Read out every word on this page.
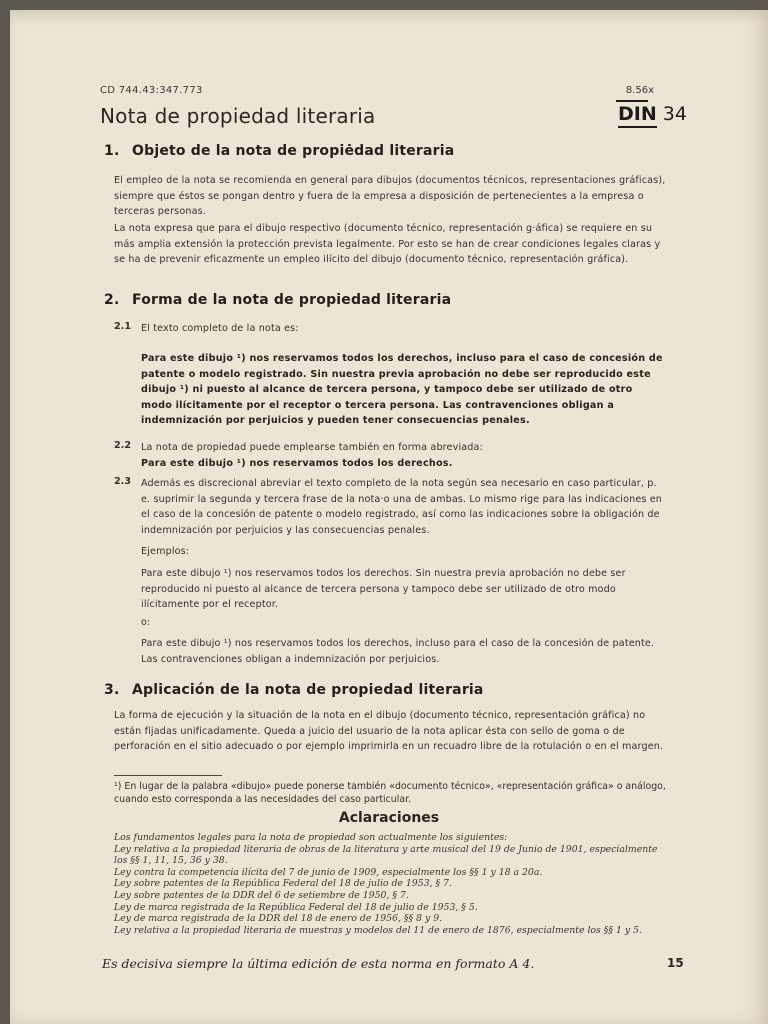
CD 744.43:347.773	8.56x

Nota de propiedad literaria	DIN 34
1. Objeto de la nota de propiėdad literaria

El empleo de la nota se recomienda en general para dibujos (documentos técnicos, representaciones gráficas), siempre que éstos se pongan dentro y fuera de la empresa a disposición de pertenecientes a la empresa o terceras personas.

La nota expresa que para el dibujo respectivo (documento técnico, representación g·áfica) se requiere en su más amplia extensión la protección prevista legalmente. Por esto se han de crear condiciones legales claras y se ha de prevenir eficazmente un empleo ilícito del dibujo (documento técnico, representación gráfica).

2. Forma de la nota de propiedad literaria

2.1 El texto completo de la nota es:

Para este dibujo ¹) nos reservamos todos los derechos, incluso para el caso de concesión de patente o modelo registrado. Sin nuestra previa aprobación no debe ser reproducido este dibujo ¹) ni puesto al alcance de tercera persona, y tampoco debe ser utilizado de otro modo ilícitamente por el receptor o tercera persona. Las contravenciones obligan a indemnización por perjuicios y pueden tener consecuencias penales.

2.2 La nota de propiedad puede emplearse también en forma abreviada:

Para este dibujo ¹) nos reservamos todos los derechos.

2.3 Además es discrecional abreviar el texto completo de la nota según sea necesario en caso particular, p. e. suprimir la segunda y tercera frase de la nota·o una de ambas. Lo mismo rige para las indicaciones en el caso de la concesión de patente o modelo registrado, así como las indicaciones sobre la obligación de indemnización por perjuicios y las consecuencias penales.

Ejemplos:

Para este dibujo ¹) nos reservamos todos los derechos. Sin nuestra previa aprobación no debe ser reproducido ni puesto al alcance de tercera persona y tampoco debe ser utilizado de otro modo ilícitamente por el receptor.

o:

Para este dibujo ¹) nos reservamos todos los derechos, incluso para el caso de la concesión de patente. Las contravenciones obligan a indemnización por perjuicios.

3. Aplicación de la nota de propiedad literaria

La forma de ejecución y la situación de la nota en el dibujo (documento técnico, representación gráfica) no están fijadas unificadamente. Queda a juicio del usuario de la nota aplicar ésta con sello de goma o de perforación en el sitio adecuado o por ejemplo imprimirla en un recuadro libre de la rotulación o en el margen.

¹) En lugar de la palabra «dibujo» puede ponerse también «documento técnico», «representación gráfica» o análogo, cuando esto corresponda a las necesidades del caso particular.

Aclaraciones

Los fundamentos legales para la nota de propiedad son actualmente los siguientes:
Ley relativa a la propiedad literaria de obras de la literatura y arte musical del 19 de Junio de 1901, especialmente los §§ 1, 11, 15, 36 y 38.
Ley contra la competencia ilícita del 7 de junio de 1909, especialmente los §§ 1 y 18 a 20a.
Ley sobre patentes de la República Federal del 18 de julio de 1953, § 7.
Ley sobre patentes de la DDR del 6 de setiembre de 1950, § 7.
Ley de marca registrada de la República Federal del 18 de julio de 1953, § 5.
Ley de marca registrada de la DDR del 18 de enero de 1956, §§ 8 y 9.
Ley relativa a la propiedad literaria de muestras y modelos del 11 de enero de 1876, especialmente los §§ 1 y 5.

Es decisiva siempre la última edición de esta norma en formato A 4.	15
